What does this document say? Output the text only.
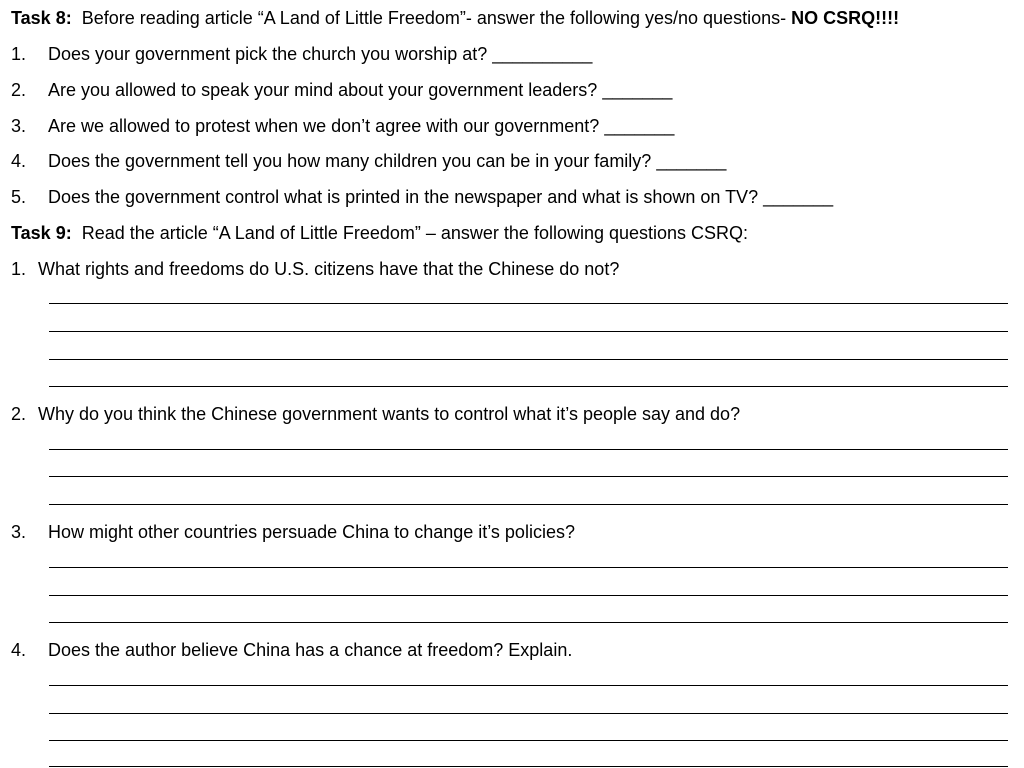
Task 8:  Before reading article “A Land of Little Freedom”- answer the following yes/no questions- NO CSRQ!!!!
1. Does your government pick the church you worship at? __________
2. Are you allowed to speak your mind about your government leaders? _______
3. Are we allowed to protest when we don’t agree with our government? _______
4. Does the government tell you how many children you can be in your family? _______
5. Does the government control what is printed in the newspaper and what is shown on TV? _______
Task 9:  Read the article “A Land of Little Freedom” – answer the following questions CSRQ:
1. What rights and freedoms do U.S. citizens have that the Chinese do not?
2. Why do you think the Chinese government wants to control what it’s people say and do?
3. How might other countries persuade China to change it’s policies?
4. Does the author believe China has a chance at freedom? Explain.
